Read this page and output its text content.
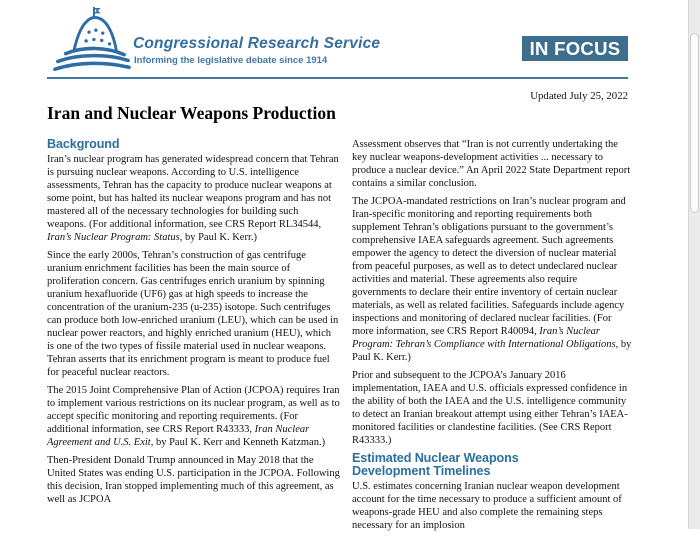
Congressional Research Service
Informing the legislative debate since 1914
IN FOCUS
Updated July 25, 2022
Iran and Nuclear Weapons Production
Background

Iran’s nuclear program has generated widespread concern that Tehran is pursuing nuclear weapons. According to U.S. intelligence assessments, Tehran has the capacity to produce nuclear weapons at some point, but has halted its nuclear weapons program and has not mastered all of the necessary technologies for building such weapons. (For additional information, see CRS Report RL34544, Iran’s Nuclear Program: Status, by Paul K. Kerr.)

Since the early 2000s, Tehran’s construction of gas centrifuge uranium enrichment facilities has been the main source of proliferation concern. Gas centrifuges enrich uranium by spinning uranium hexafluoride (UF6) gas at high speeds to increase the concentration of the uranium-235 (u-235) isotope. Such centrifuges can produce both low-enriched uranium (LEU), which can be used in nuclear power reactors, and highly enriched uranium (HEU), which is one of the two types of fissile material used in nuclear weapons. Tehran asserts that its enrichment program is meant to produce fuel for peaceful nuclear reactors.

The 2015 Joint Comprehensive Plan of Action (JCPOA) requires Iran to implement various restrictions on its nuclear program, as well as to accept specific monitoring and reporting requirements. (For additional information, see CRS Report R43333, Iran Nuclear Agreement and U.S. Exit, by Paul K. Kerr and Kenneth Katzman.)

Then-President Donald Trump announced in May 2018 that the United States was ending U.S. participation in the JCPOA. Following this decision, Iran stopped implementing much of this agreement, as well as JCPOA

Assessment observes that “Iran is not currently undertaking the key nuclear weapons-development activities ... necessary to produce a nuclear device.” An April 2022 State Department report contains a similar conclusion.

The JCPOA-mandated restrictions on Iran’s nuclear program and Iran-specific monitoring and reporting requirements both supplement Tehran’s obligations pursuant to the government’s comprehensive IAEA safeguards agreement. Such agreements empower the agency to detect the diversion of nuclear material from peaceful purposes, as well as to detect undeclared nuclear activities and material. These agreements also require governments to declare their entire inventory of certain nuclear materials, as well as related facilities. Safeguards include agency inspections and monitoring of declared nuclear facilities. (For more information, see CRS Report R40094, Iran’s Nuclear Program: Tehran’s Compliance with International Obligations, by Paul K. Kerr.)

Prior and subsequent to the JCPOA’s January 2016 implementation, IAEA and U.S. officials expressed confidence in the ability of both the IAEA and the U.S. intelligence community to detect an Iranian breakout attempt using either Tehran’s IAEA-monitored facilities or clandestine facilities. (See CRS Report R43333.)

Estimated Nuclear Weapons Development Timelines

U.S. estimates concerning Iranian nuclear weapon development account for the time necessary to produce a sufficient amount of weapons-grade HEU and also complete the remaining steps necessary for an implosion
